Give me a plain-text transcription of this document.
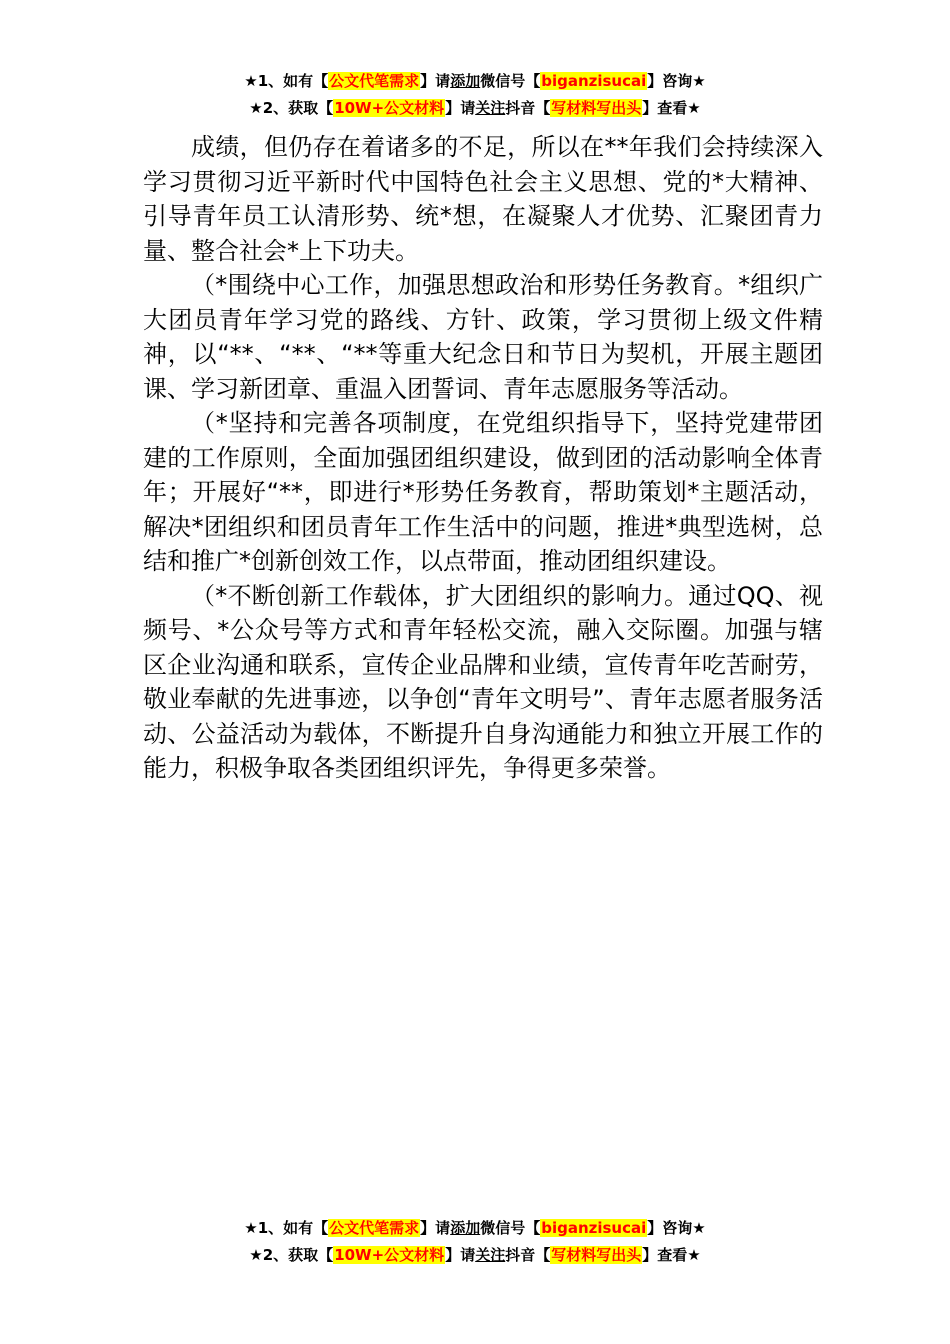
★1、如有【公文代笔需求】请添加微信号【biganzisucai】咨询★
★2、获取【10W+公文材料】请关注抖音【写材料写出头】查看★

成绩，但仍存在着诸多的不足，所以在**年我们会持续深入学习贯彻习近平新时代中国特色社会主义思想、党的*大精神、引导青年员工认清形势、统*想，在凝聚人才优势、汇聚团青力量、整合社会*上下功夫。

（*围绕中心工作，加强思想政治和形势任务教育。*组织广大团员青年学习党的路线、方针、政策，学习贯彻上级文件精神，以“**、“**、“**等重大纪念日和节日为契机，开展主题团课、学习新团章、重温入团誓词、青年志愿服务等活动。

（*坚持和完善各项制度，在党组织指导下，坚持党建带团建的工作原则，全面加强团组织建设，做到团的活动影响全体青年；开展好“**，即进行*形势任务教育，帮助策划*主题活动，解决*团组织和团员青年工作生活中的问题，推进*典型选树，总结和推广*创新创效工作，以点带面，推动团组织建设。

（*不断创新工作载体，扩大团组织的影响力。通过QQ、视频号、*公众号等方式和青年轻松交流，融入交际圈。加强与辖区企业沟通和联系，宣传企业品牌和业绩，宣传青年吃苦耐劳，敬业奉献的先进事迹，以争创“青年文明号”、青年志愿者服务活动、公益活动为载体，不断提升自身沟通能力和独立开展工作的能力，积极争取各类团组织评先，争得更多荣誉。

★1、如有【公文代笔需求】请添加微信号【biganzisucai】咨询★
★2、获取【10W+公文材料】请关注抖音【写材料写出头】查看★
